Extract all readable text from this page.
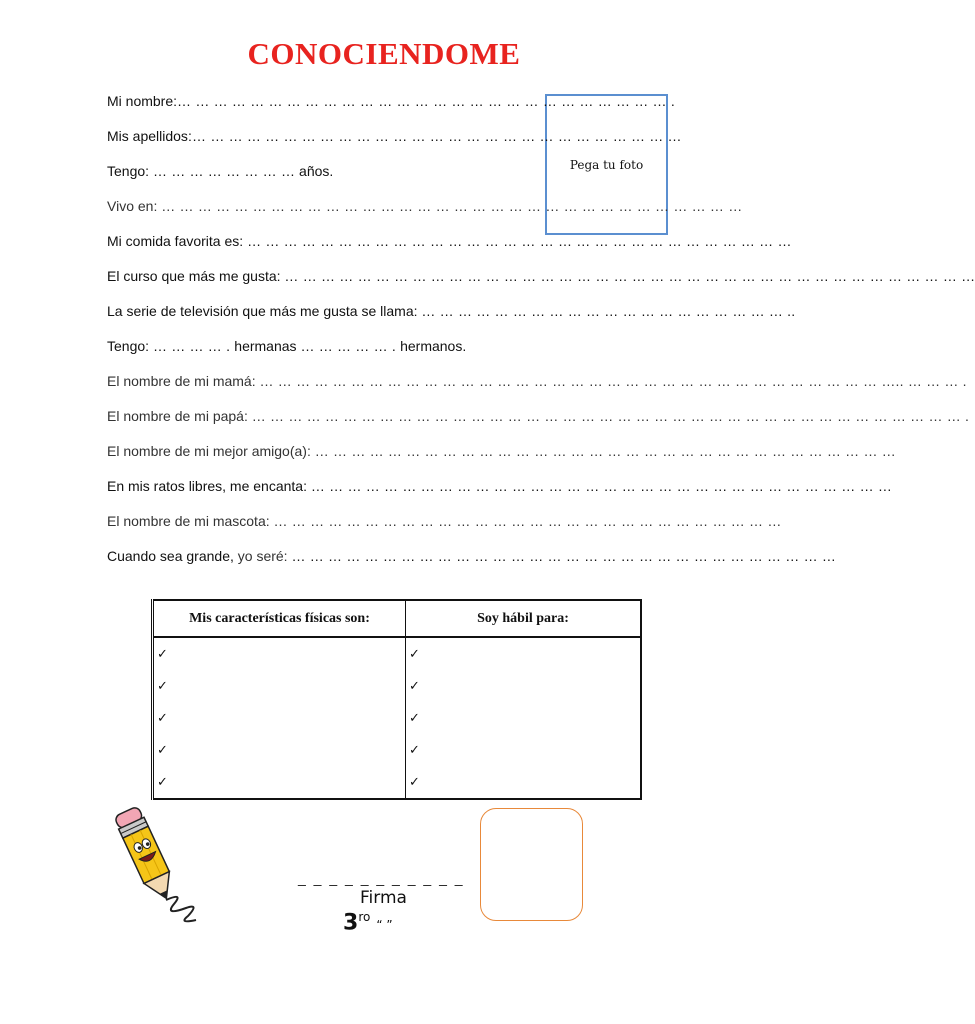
CONOCIENDOME
Pega tu foto
Mi nombre:… … … … … … … … … … … … … … … … … … … … … … … … … … … .
Mis apellidos:… … … … … … … … … … … … … … … … … … … … … … … … … … …
Tengo: … … … … … … … … años.
Vivo en: … … … … … … … … … … … … … … … … … … … … … … … … … … … … … … … …
Mi comida favorita es: … … … … … … … … … … … … … … … … … … … … … … … … … … … … … …
El curso que más me gusta: … … … … … … … … … … … … … … … … … … … … … … … … … … … … … … … … … … … … … …
La serie de televisión que más me gusta se llama: … … … … … … … … … … … … … … … … … … … … ..
Tengo: … … … … . hermanas … … … … … . hermanos.
El nombre de mi mamá: … … … … … … … … … … … … … … … … … … … … … … … … … … … … … … … … … … ….. … … … .
El nombre de mi papá: … … … … … … … … … … … … … … … … … … … … … … … … … … … … … … … … … … … … … … … .
El nombre de mi mejor amigo(a): … … … … … … … … … … … … … … … … … … … … … … … … … … … … … … … …
En mis ratos libres, me encanta: … … … … … … … … … … … … … … … … … … … … … … … … … … … … … … … …
El nombre de mi mascota: … … … … … … … … … … … … … … … … … … … … … … … … … … … …
Cuando sea grande, yo seré: … … … … … … … … … … … … … … … … … … … … … … … … … … … … … …
Mis características físicas son:	Soy hábil para:
✓	✓
✓	✓
✓	✓
✓	✓
✓	✓
_ _ _ _ _ _ _ _ _ _ _
Firma
$3^{ro}“$ ”
